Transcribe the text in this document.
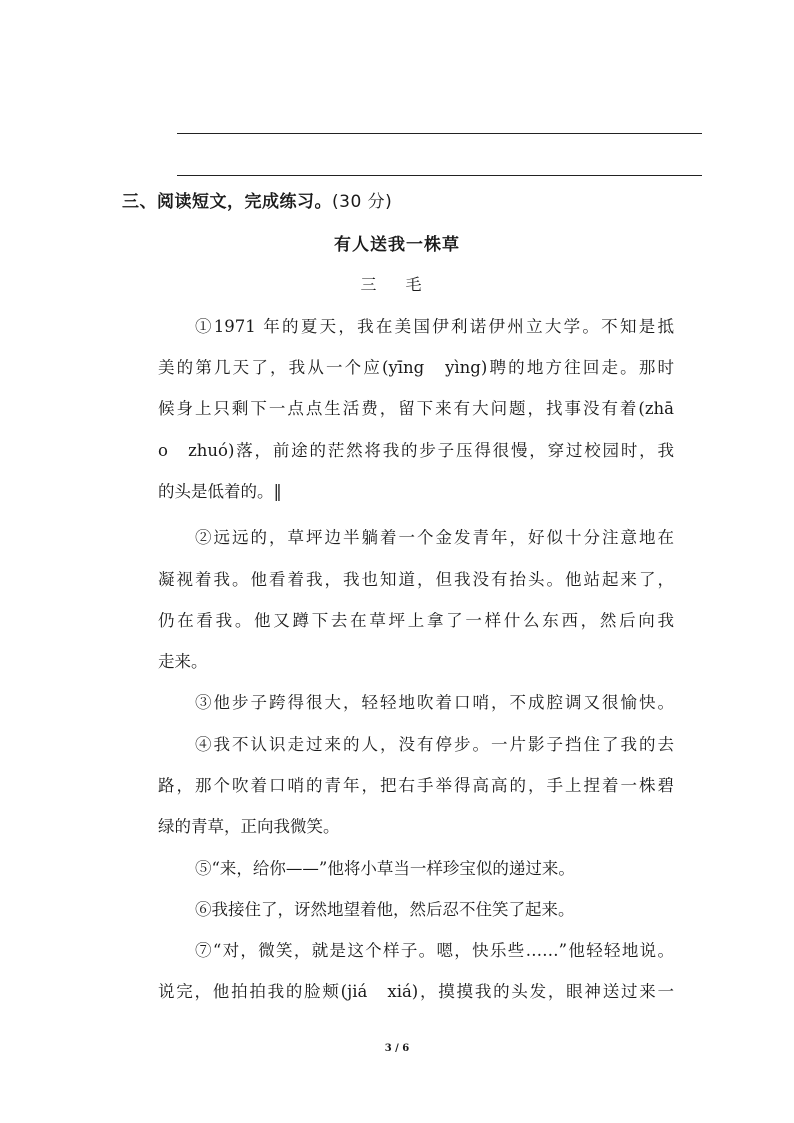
三、阅读短文，完成练习。(30 分)
有人送我一株草
三 毛
①1971 年的夏天，我在美国伊利诺伊州立大学。不知是抵
美的第几天了，我从一个应(yīng　yìng)聘的地方往回走。那时
候身上只剩下一点点生活费，留下来有大问题，找事没有着(zhā
o　zhuó)落，前途的茫然将我的步子压得很慢，穿过校园时，我
的头是低着的。‖
②远远的，草坪边半躺着一个金发青年，好似十分注意地在
凝视着我。他看着我，我也知道，但我没有抬头。他站起来了，
仍在看我。他又蹲下去在草坪上拿了一样什么东西，然后向我
走来。
③他步子跨得很大，轻轻地吹着口哨，不成腔调又很愉快。
④我不认识走过来的人，没有停步。一片影子挡住了我的去
路，那个吹着口哨的青年，把右手举得高高的，手上捏着一株碧
绿的青草，正向我微笑。
⑤“来，给你——”他将小草当一样珍宝似的递过来。
⑥我接住了，讶然地望着他，然后忍不住笑了起来。
⑦“对，微笑，就是这个样子。嗯，快乐些……”他轻轻地说。
说完，他拍拍我的脸颊(jiá　xiá)，摸摸我的头发，眼神送过来一
3 / 6
